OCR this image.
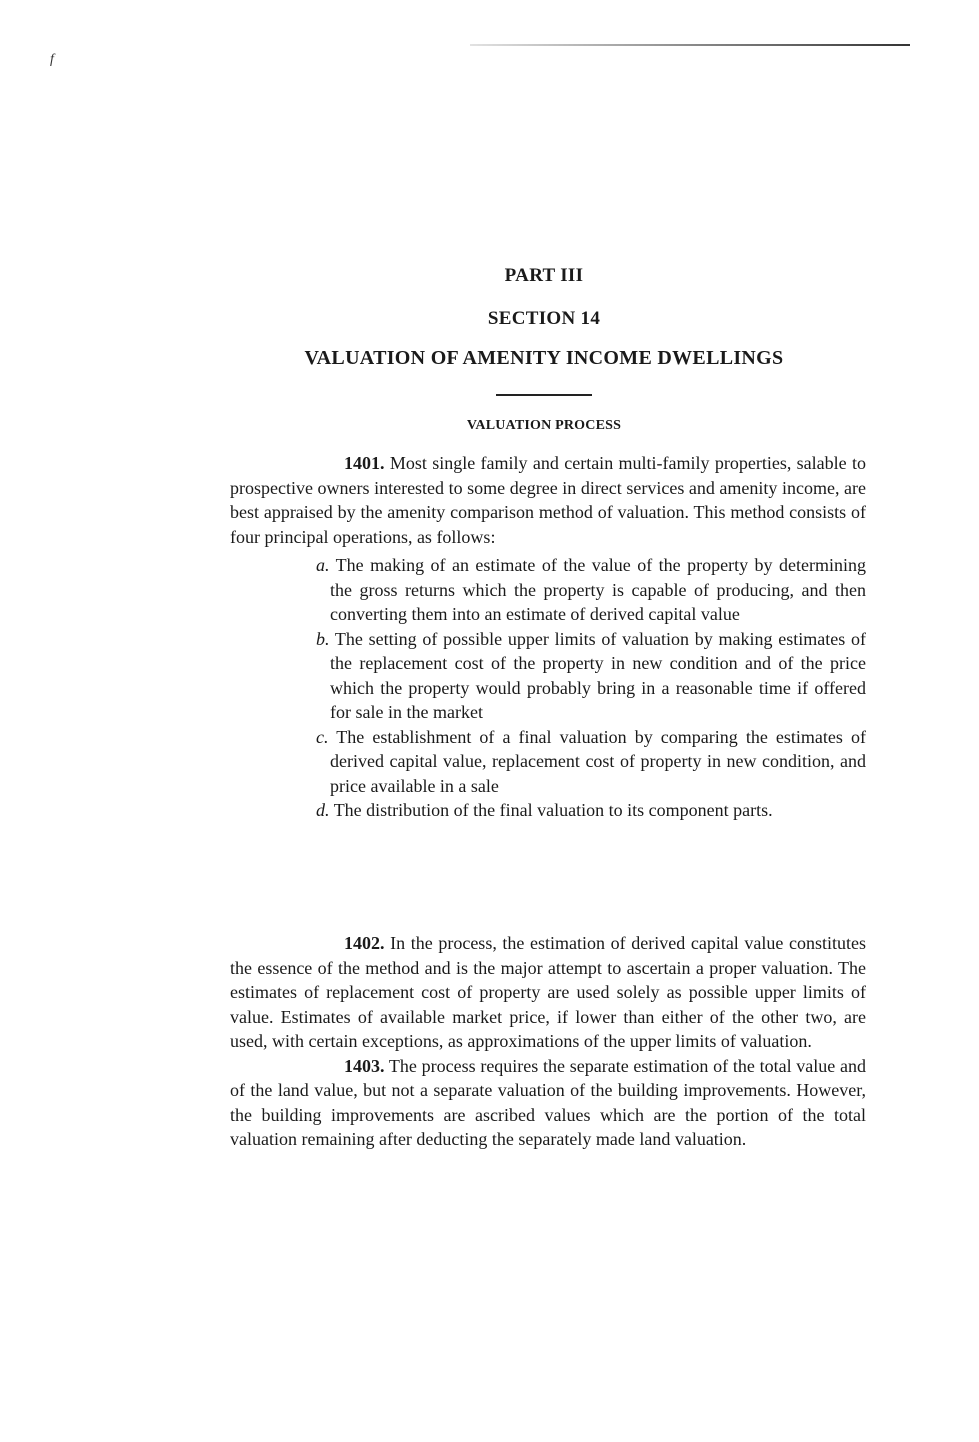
f
PART III
SECTION 14
VALUATION OF AMENITY INCOME DWELLINGS
VALUATION PROCESS

1401. Most single family and certain multi-family properties, salable to prospective owners interested to some degree in direct services and amenity income, are best appraised by the amenity comparison method of valuation. This method consists of four principal operations, as follows:

a. The making of an estimate of the value of the property by determining the gross returns which the property is capable of producing, and then converting them into an estimate of derived capital value
b. The setting of possible upper limits of valuation by making estimates of the replacement cost of the property in new condition and of the price which the property would probably bring in a reasonable time if offered for sale in the market
c. The establishment of a final valuation by comparing the estimates of derived capital value, replacement cost of property in new condition, and price available in a sale
d. The distribution of the final valuation to its component parts.

1402. In the process, the estimation of derived capital value constitutes the essence of the method and is the major attempt to ascertain a proper valuation. The estimates of replacement cost of property are used solely as possible upper limits of value. Estimates of available market price, if lower than either of the other two, are used, with certain exceptions, as approximations of the upper limits of valuation.

1403. The process requires the separate estimation of the total value and of the land value, but not a separate valuation of the building improvements. However, the building improvements are ascribed values which are the portion of the total valuation remaining after deducting the separately made land valuation.
